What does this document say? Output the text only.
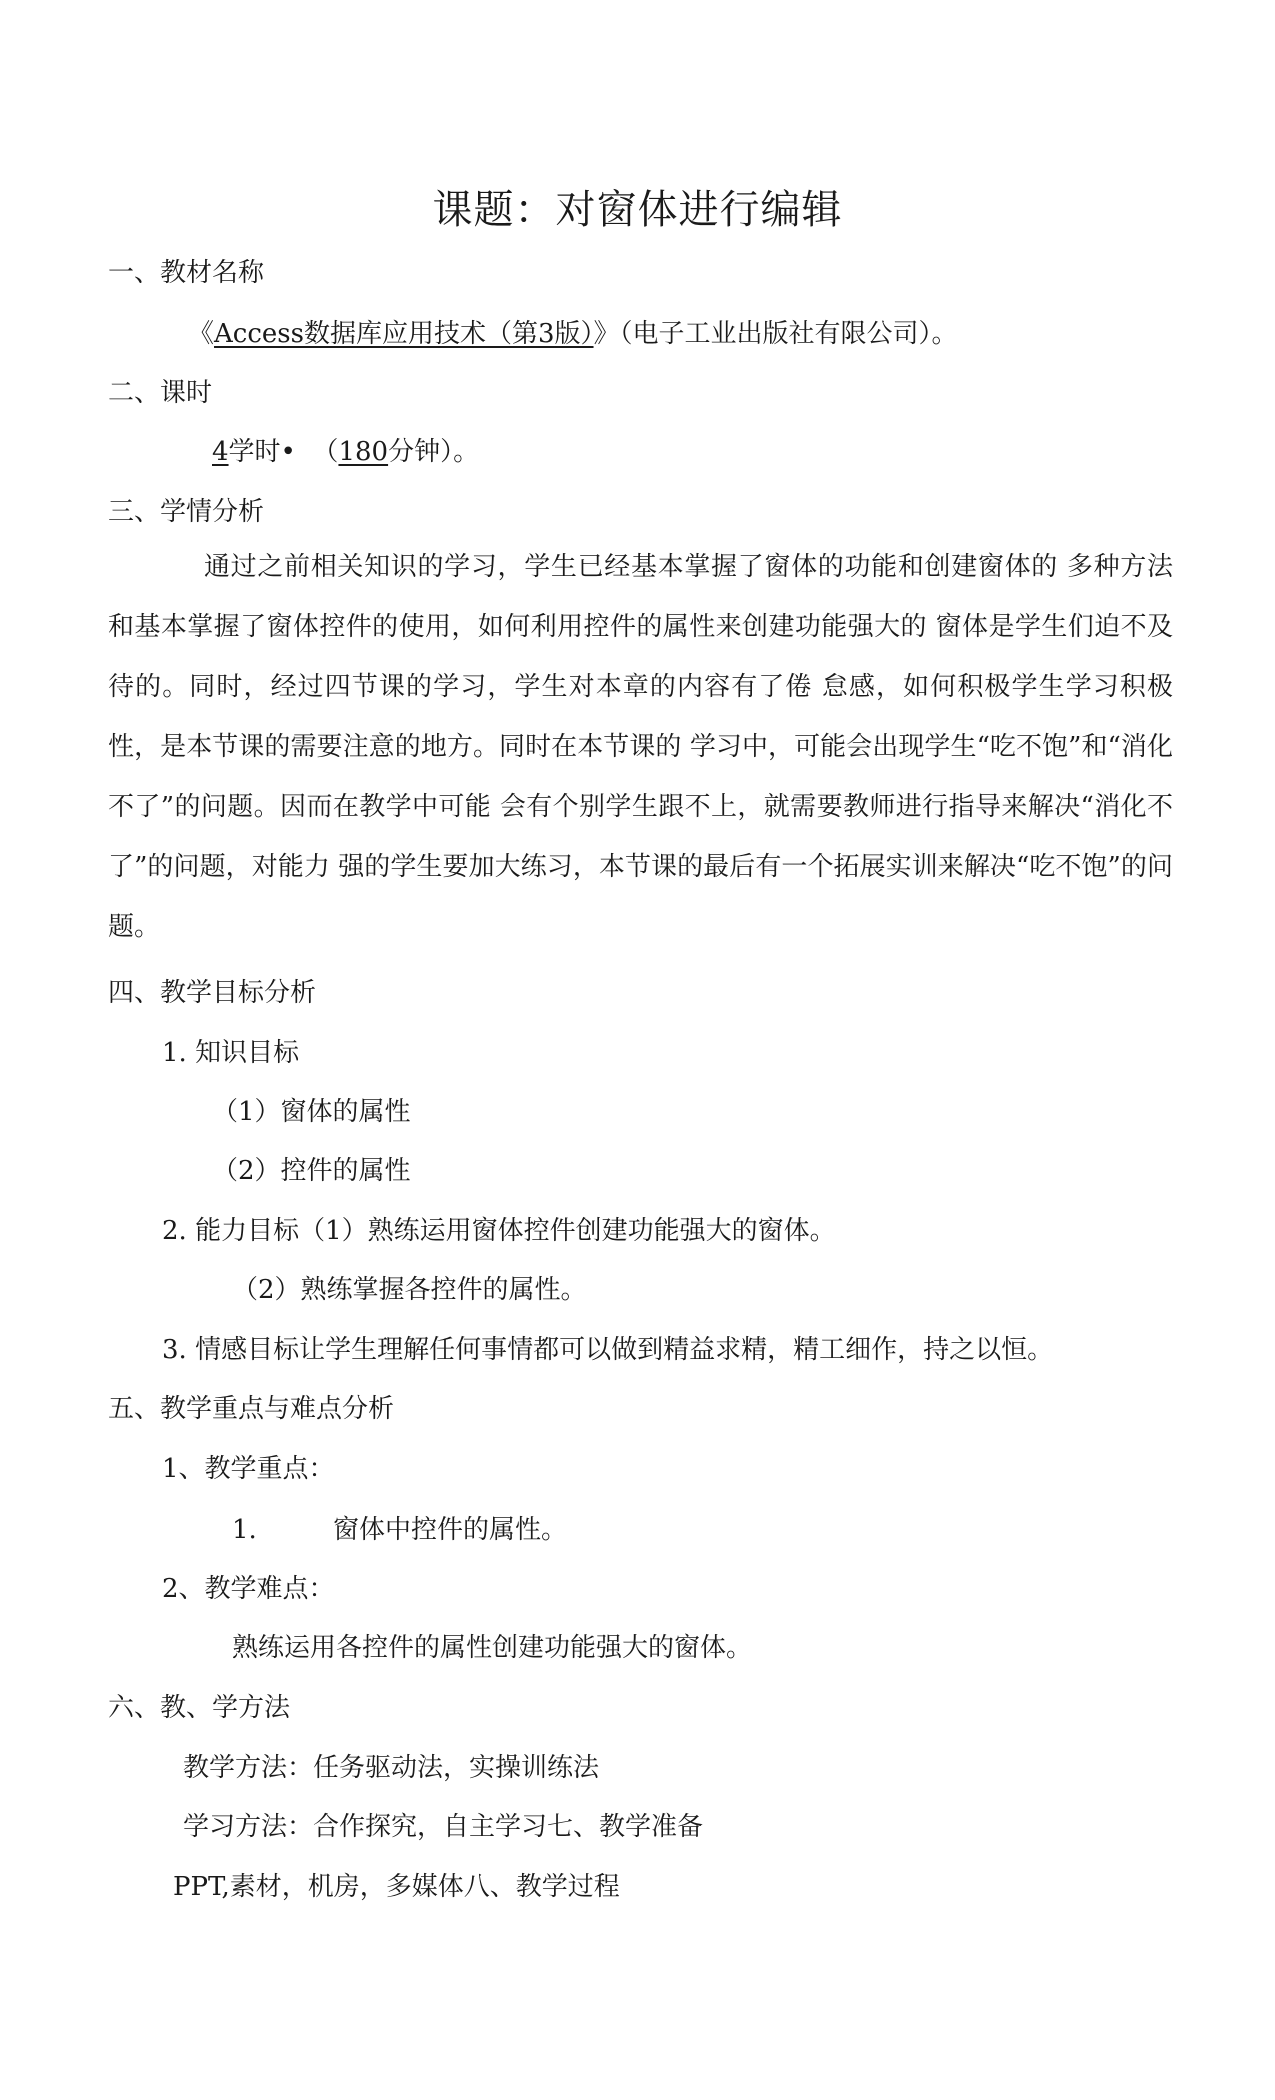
课题：对窗体进行编辑
一、教材名称
《Access数据库应用技术（第3版）》（电子工业出版社有限公司）。
二、课时
4学时• （180分钟）。
三、学情分析
通过之前相关知识的学习，学生已经基本掌握了窗体的功能和创建窗体的 多种方法和基本掌握了窗体控件的使用，如何利用控件的属性来创建功能强大的 窗体是学生们迫不及待的。同时，经过四节课的学习，学生对本章的内容有了倦 怠感，如何积极学生学习积极性，是本节课的需要注意的地方。同时在本节课的 学习中，可能会出现学生“吃不饱”和“消化不了”的问题。因而在教学中可能 会有个别学生跟不上，就需要教师进行指导来解决“消化不了”的问题，对能力 强的学生要加大练习，本节课的最后有一个拓展实训来解决“吃不饱”的问题。
四、教学目标分析
1. 知识目标
（1）窗体的属性
（2）控件的属性
2. 能力目标（1）熟练运用窗体控件创建功能强大的窗体。
（2）熟练掌握各控件的属性。
3. 情感目标让学生理解任何事情都可以做到精益求精，精工细作，持之以恒。
五、教学重点与难点分析
1、教学重点：
1.	窗体中控件的属性。
2、教学难点：
熟练运用各控件的属性创建功能强大的窗体。
六、教、学方法
教学方法：任务驱动法，实操训练法
学习方法：合作探究，自主学习七、教学准备
PPT,素材，机房，多媒体八、教学过程
